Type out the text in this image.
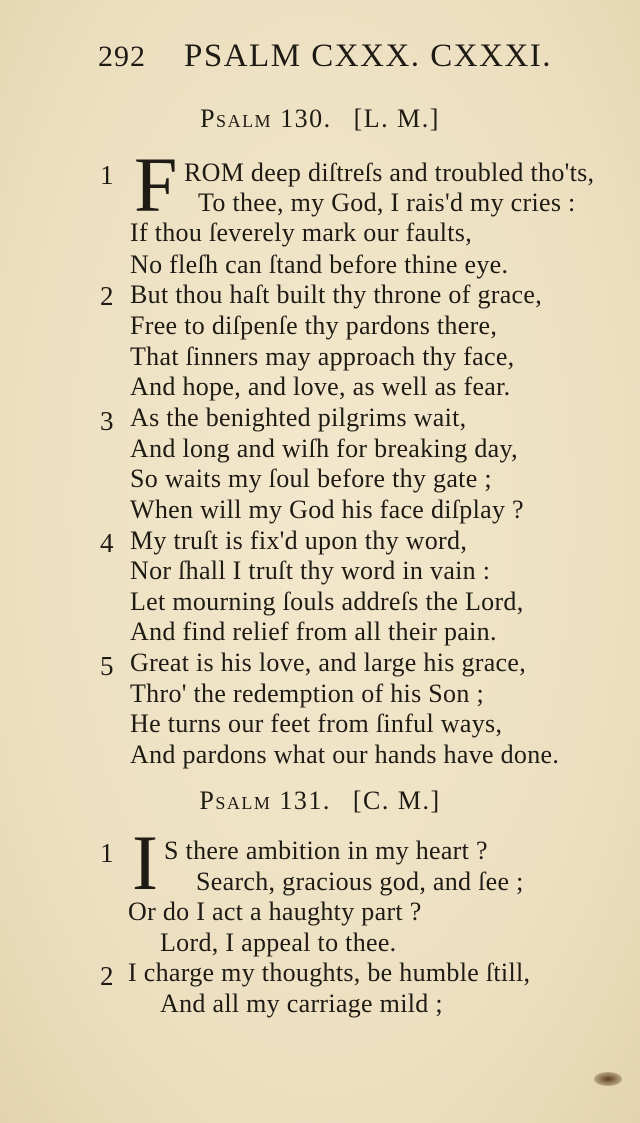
292 PSALM CXXX. CXXXI.
Psalm 130. [L. M.]
1 F ROM deep diſtreſs and troubled tho'ts,
To thee, my God, I rais'd my cries :
If thou ſeverely mark our faults,
No fleſh can ſtand before thine eye.
2 But thou haſt built thy throne of grace,
Free to diſpenſe thy pardons there,
That ſinners may approach thy face,
And hope, and love, as well as fear.
3 As the benighted pilgrims wait,
And long and wiſh for breaking day,
So waits my ſoul before thy gate ;
When will my God his face diſplay ?
4 My truſt is fix'd upon thy word,
Nor ſhall I truſt thy word in vain :
Let mourning ſouls addreſs the Lord,
And find relief from all their pain.
5 Great is his love, and large his grace,
Thro' the redemption of his Son ;
He turns our feet from ſinful ways,
And pardons what our hands have done.
Psalm 131. [C. M.]
1 I S there ambition in my heart ?
Search, gracious god, and ſee ;
Or do I act a haughty part ?
Lord, I appeal to thee.
2 I charge my thoughts, be humble ſtill,
And all my carriage mild ;
